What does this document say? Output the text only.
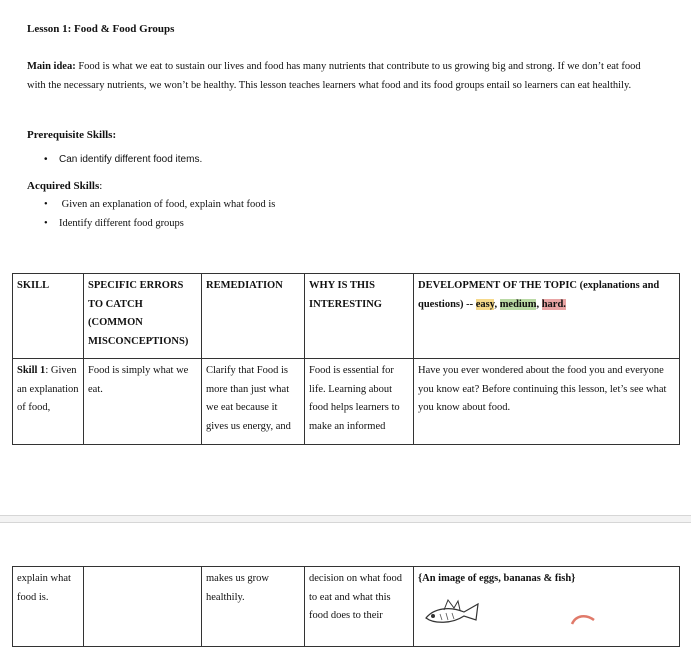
Lesson 1: Food & Food Groups
Main idea: Food is what we eat to sustain our lives and food has many nutrients that contribute to us growing big and strong. If we don’t eat food with the necessary nutrients, we won’t be healthy. This lesson teaches learners what food and its food groups entail so learners can eat healthily.
Prerequisite Skills:
• Can identify different food items.
Acquired Skills:
• Given an explanation of food, explain what food is
• Identify different food groups
SKILL	SPECIFIC ERRORS TO CATCH (COMMON MISCONCEPTIONS)	REMEDIATION	WHY IS THIS INTERESTING	DEVELOPMENT OF THE TOPIC (explanations and questions) -- easy, medium, hard.
Skill 1: Given an explanation of food,	Food is simply what we eat.	Clarify that Food is more than just what we eat because it gives us energy, and	Food is essential for life. Learning about food helps learners to make an informed	Have you ever wondered about the food you and everyone you know eat? Before continuing this lesson, let’s see what you know about food.
explain what food is.		makes us grow healthily.	decision on what food to eat and what this food does to their	{An image of eggs, bananas & fish}
